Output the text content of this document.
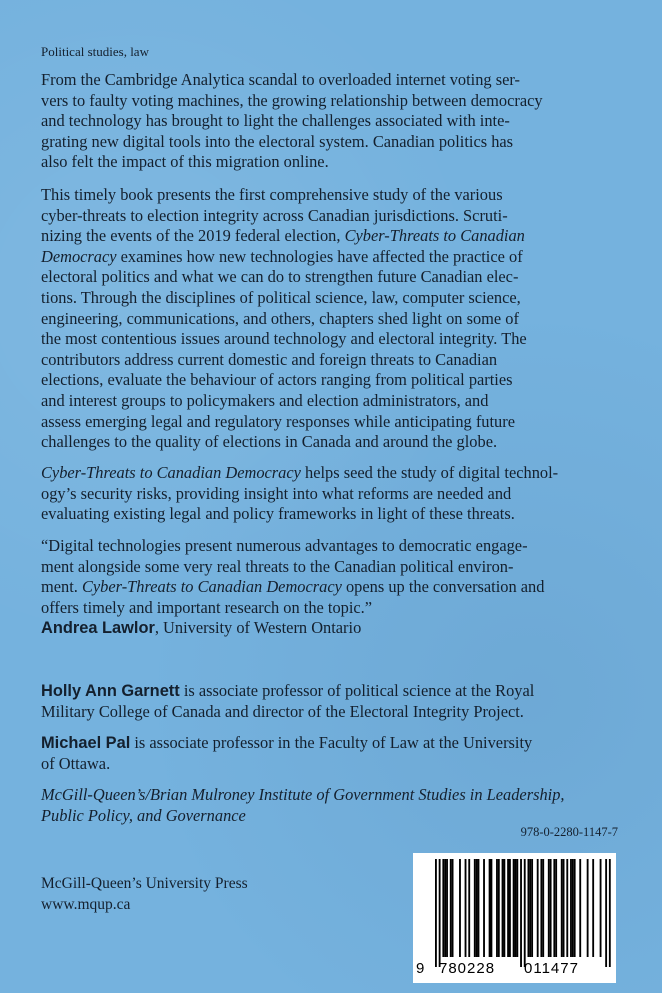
Political studies, law

From the Cambridge Analytica scandal to overloaded internet voting ser-
vers to faulty voting machines, the growing relationship between democracy
and technology has brought to light the challenges associated with inte-
grating new digital tools into the electoral system. Canadian politics has
also felt the impact of this migration online.

This timely book presents the first comprehensive study of the various
cyber-threats to election integrity across Canadian jurisdictions. Scruti-
nizing the events of the 2019 federal election, Cyber-Threats to Canadian
Democracy examines how new technologies have affected the practice of
electoral politics and what we can do to strengthen future Canadian elec-
tions. Through the disciplines of political science, law, computer science,
engineering, communications, and others, chapters shed light on some of
the most contentious issues around technology and electoral integrity. The
contributors address current domestic and foreign threats to Canadian
elections, evaluate the behaviour of actors ranging from political parties
and interest groups to policymakers and election administrators, and
assess emerging legal and regulatory responses while anticipating future
challenges to the quality of elections in Canada and around the globe.

Cyber-Threats to Canadian Democracy helps seed the study of digital technol-
ogy’s security risks, providing insight into what reforms are needed and
evaluating existing legal and policy frameworks in light of these threats.

“Digital technologies present numerous advantages to democratic engage-
ment alongside some very real threats to the Canadian political environ-
ment. Cyber-Threats to Canadian Democracy opens up the conversation and
offers timely and important research on the topic.”
Andrea Lawlor, University of Western Ontario

Holly Ann Garnett is associate professor of political science at the Royal
Military College of Canada and director of the Electoral Integrity Project.

Michael Pal is associate professor in the Faculty of Law at the University
of Ottawa.

McGill-Queen’s/Brian Mulroney Institute of Government Studies in Leadership,
Public Policy, and Governance

978-0-2280-1147-7
9 780228 011477
McGill-Queen’s University Press
www.mqup.ca
